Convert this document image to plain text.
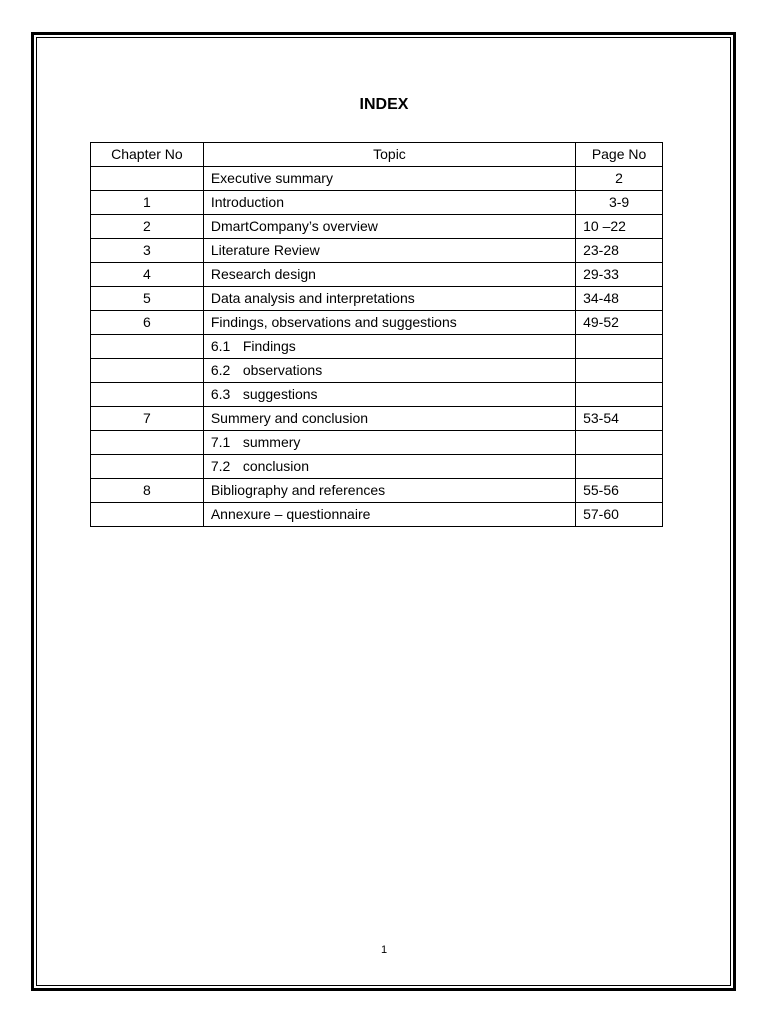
INDEX
Chapter No	Topic	Page No
	Executive summary	2
1	Introduction	3-9
2	DmartCompany’s overview	10 –22
3	Literature Review	23-28
4	Research design	29-33
5	Data analysis and interpretations	34-48
6	Findings, observations and suggestions	49-52
	6.1 Findings	
	6.2 observations	
	6.3 suggestions	
7	Summery and conclusion	53-54
	7.1 summery	
	7.2 conclusion	
8	Bibliography and references	55-56
	Annexure – questionnaire	57-60
1
